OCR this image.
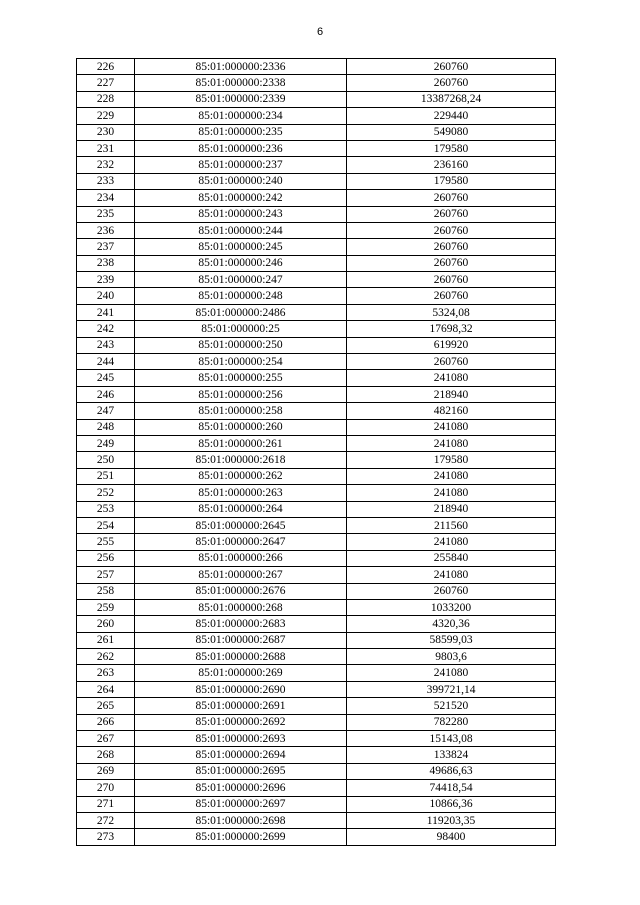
6
226	85:01:000000:2336	260760
227	85:01:000000:2338	260760
228	85:01:000000:2339	13387268,24
229	85:01:000000:234	229440
230	85:01:000000:235	549080
231	85:01:000000:236	179580
232	85:01:000000:237	236160
233	85:01:000000:240	179580
234	85:01:000000:242	260760
235	85:01:000000:243	260760
236	85:01:000000:244	260760
237	85:01:000000:245	260760
238	85:01:000000:246	260760
239	85:01:000000:247	260760
240	85:01:000000:248	260760
241	85:01:000000:2486	5324,08
242	85:01:000000:25	17698,32
243	85:01:000000:250	619920
244	85:01:000000:254	260760
245	85:01:000000:255	241080
246	85:01:000000:256	218940
247	85:01:000000:258	482160
248	85:01:000000:260	241080
249	85:01:000000:261	241080
250	85:01:000000:2618	179580
251	85:01:000000:262	241080
252	85:01:000000:263	241080
253	85:01:000000:264	218940
254	85:01:000000:2645	211560
255	85:01:000000:2647	241080
256	85:01:000000:266	255840
257	85:01:000000:267	241080
258	85:01:000000:2676	260760
259	85:01:000000:268	1033200
260	85:01:000000:2683	4320,36
261	85:01:000000:2687	58599,03
262	85:01:000000:2688	9803,6
263	85:01:000000:269	241080
264	85:01:000000:2690	399721,14
265	85:01:000000:2691	521520
266	85:01:000000:2692	782280
267	85:01:000000:2693	15143,08
268	85:01:000000:2694	133824
269	85:01:000000:2695	49686,63
270	85:01:000000:2696	74418,54
271	85:01:000000:2697	10866,36
272	85:01:000000:2698	119203,35
273	85:01:000000:2699	98400
